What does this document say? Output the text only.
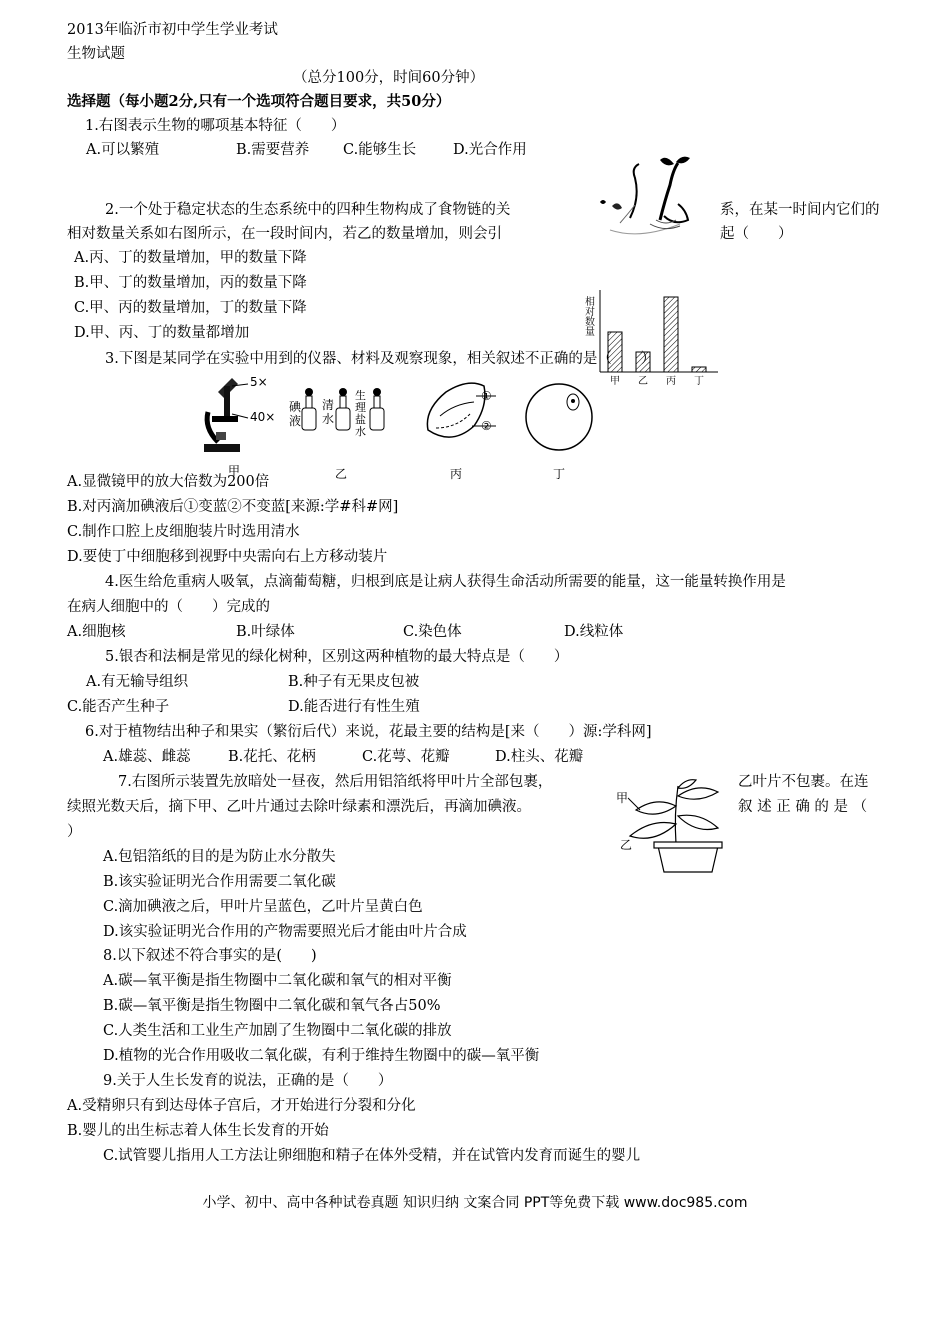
2013年临沂市初中学生学业考试
生物试题
（总分100分，时间60分钟）
选择题（每小题2分,只有一个选项符合题目要求，共50分）
1.右图表示生物的哪项基本特征（　　）
A.可以繁殖	B.需要营养 C.能够生长	D.光合作用
2.一个处于稳定状态的生态系统中的四种生物构成了食物链的关	系，在某一时间内它们的
相对数量关系如右图所示，在一段时间内，若乙的数量增加，则会引	起（　　）
A.丙、丁的数量增加，甲的数量下降
B.甲、丁的数量增加，丙的数量下降
C.甲、丙的数量增加，丁的数量下降
D.甲、丙、丁的数量都增加	相对数量
甲 乙 丙 丁
3.下图是某同学在实验中用到的仪器、材料及观察现象，相关叙述不正确的是（　　）
5×
40×
甲
碘液
清水
生理盐水
乙
①
②
丙	丁
A.显微镜甲的放大倍数为200倍
B.对丙滴加碘液后①变蓝②不变蓝[来源:学#科#网]
C.制作口腔上皮细胞装片时选用清水
D.要使丁中细胞移到视野中央需向右上方移动装片
4.医生给危重病人吸氧，点滴葡萄糖，归根到底是让病人获得生命活动所需要的能量，这一能量转换作用是
在病人细胞中的（　　）完成的
A.细胞核	B.叶绿体	C.染色体	D.线粒体
5.银杏和法桐是常见的绿化树种，区别这两种植物的最大特点是（　　）
A.有无输导组织	B.种子有无果皮包被
C.能否产生种子	D.能否进行有性生殖
6.对于植物结出种子和果实（繁衍后代）来说，花最主要的结构是[来（　　）源:学科网]
A.雄蕊、雌蕊	B.花托、花柄	C.花萼、花瓣	D.柱头、花瓣
7.右图所示装置先放暗处一昼夜，然后用铝箔纸将甲叶片全部包裹，	乙叶片不包裹。在连
续照光数天后，摘下甲、乙叶片通过去除叶绿素和漂洗后，再滴加碘液。	叙 述 正 确 的 是 （
）
甲
乙
A.包铝箔纸的目的是为防止水分散失
B.该实验证明光合作用需要二氧化碳
C.滴加碘液之后，甲叶片呈蓝色，乙叶片呈黄白色
D.该实验证明光合作用的产物需要照光后才能由叶片合成
8.以下叙述不符合事实的是(　　)
A.碳—氧平衡是指生物圈中二氧化碳和氧气的相对平衡
B.碳—氧平衡是指生物圈中二氧化碳和氧气各占50%
C.人类生活和工业生产加剧了生物圈中二氧化碳的排放
D.植物的光合作用吸收二氧化碳，有利于维持生物圈中的碳—氧平衡
9.关于人生长发育的说法，正确的是（　　）
A.受精卵只有到达母体子宫后，才开始进行分裂和分化
B.婴儿的出生标志着人体生长发育的开始
C.试管婴儿指用人工方法让卵细胞和精子在体外受精，并在试管内发育而诞生的婴儿
小学、初中、高中各种试卷真题 知识归纳 文案合同 PPT等免费下载 www.doc985.com
